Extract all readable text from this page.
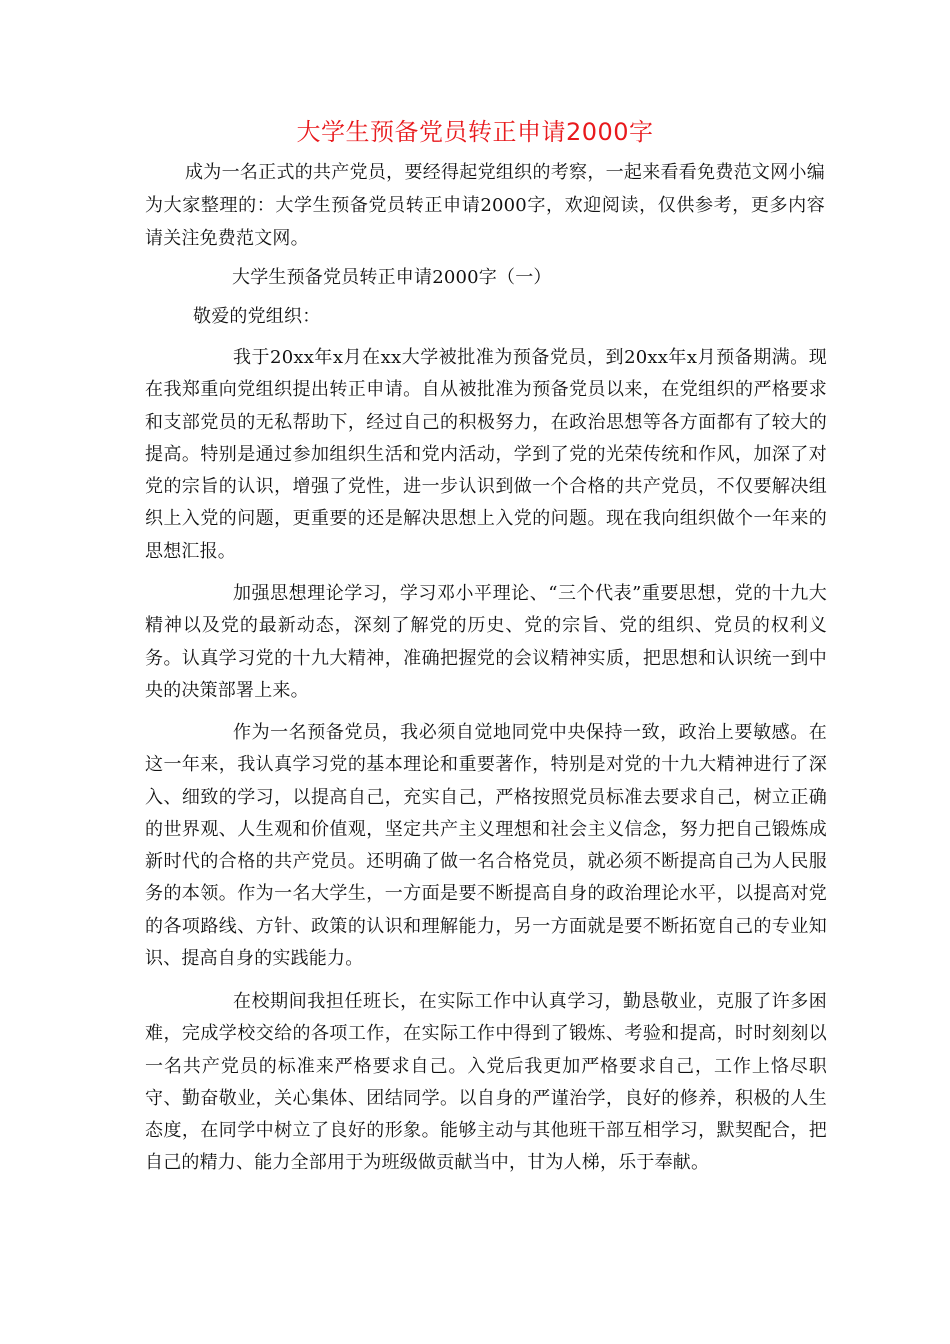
大学生预备党员转正申请2000字
成为一名正式的共产党员，要经得起党组织的考察，一起来看看免费范文网小编为大家整理的：大学生预备党员转正申请2000字，欢迎阅读，仅供参考，更多内容请关注免费范文网。
大学生预备党员转正申请2000字（一）
敬爱的党组织：
我于20xx年x月在xx大学被批准为预备党员，到20xx年x月预备期满。现在我郑重向党组织提出转正申请。自从被批准为预备党员以来，在党组织的严格要求和支部党员的无私帮助下，经过自己的积极努力，在政治思想等各方面都有了较大的提高。特别是通过参加组织生活和党内活动，学到了党的光荣传统和作风，加深了对党的宗旨的认识，增强了党性，进一步认识到做一个合格的共产党员，不仅要解决组织上入党的问题，更重要的还是解决思想上入党的问题。现在我向组织做个一年来的思想汇报。
加强思想理论学习，学习邓小平理论、“三个代表”重要思想，党的十九大精神以及党的最新动态，深刻了解党的历史、党的宗旨、党的组织、党员的权利义务。认真学习党的十九大精神，准确把握党的会议精神实质，把思想和认识统一到中央的决策部署上来。
作为一名预备党员，我必须自觉地同党中央保持一致，政治上要敏感。在这一年来，我认真学习党的基本理论和重要著作，特别是对党的十九大精神进行了深入、细致的学习，以提高自己，充实自己，严格按照党员标准去要求自己，树立正确的世界观、人生观和价值观，坚定共产主义理想和社会主义信念，努力把自己锻炼成新时代的合格的共产党员。还明确了做一名合格党员，就必须不断提高自己为人民服务的本领。作为一名大学生，一方面是要不断提高自身的政治理论水平，以提高对党的各项路线、方针、政策的认识和理解能力，另一方面就是要不断拓宽自己的专业知识、提高自身的实践能力。
在校期间我担任班长，在实际工作中认真学习，勤恳敬业，克服了许多困难，完成学校交给的各项工作，在实际工作中得到了锻炼、考验和提高，时时刻刻以一名共产党员的标准来严格要求自己。入党后我更加严格要求自己，工作上恪尽职守、勤奋敬业，关心集体、团结同学。以自身的严谨治学，良好的修养，积极的人生态度，在同学中树立了良好的形象。能够主动与其他班干部互相学习，默契配合，把自己的精力、能力全部用于为班级做贡献当中，甘为人梯，乐于奉献。
